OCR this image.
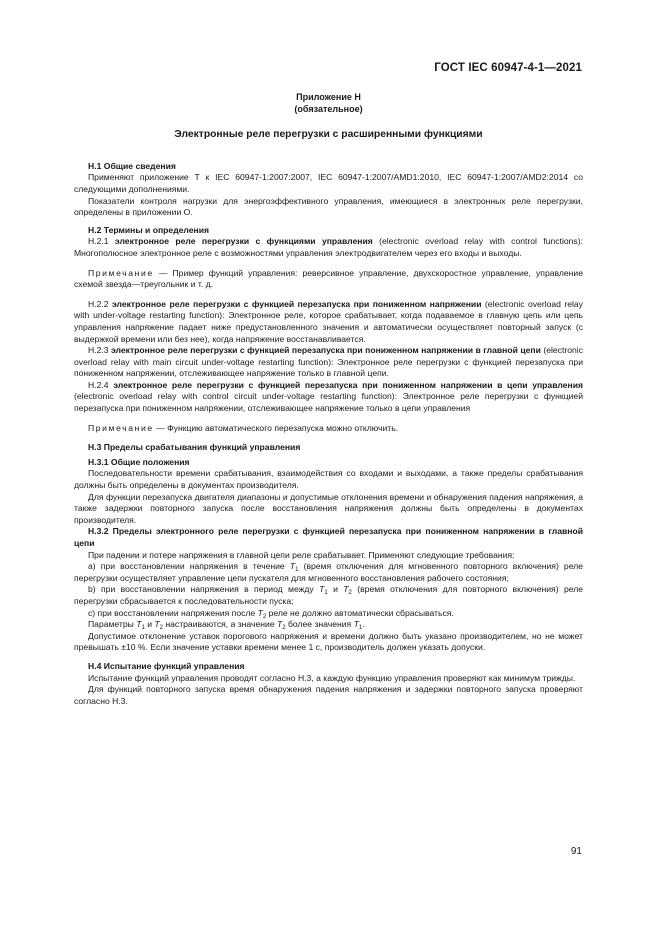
ГОСТ IEC 60947-4-1—2021
Приложение Н
(обязательное)
Электронные реле перегрузки с расширенными функциями

Н.1 Общие сведения

Применяют приложение Т к IEC 60947-1:2007:2007, IEC 60947-1:2007/AMD1:2010, IEC 60947-1:2007/AMD2:2014 со следующими дополнениями.

Показатели контроля нагрузки для энергоэффективного управления, имеющиеся в электронных реле перегрузки, определены в приложении О.

Н.2 Термины и определения

Н.2.1 электронное реле перегрузки с функциями управления (electronic overload relay with control functions): Многополюсное электронное реле с возможностями управления электродвигателем через его входы и выходы.

Примечание — Пример функций управления: реверсивное управление, двухскоростное управление, управление схемой звезда—треугольник и т. д.

Н.2.2 электронное реле перегрузки с функцией перезапуска при пониженном напряжении (electronic overload relay with under-voltage restarting function): Электронное реле, которое срабатывает, когда подаваемое в главную цепь или цепь управления напряжение падает ниже предустановленного значения и автоматически осуществляет повторный запуск (с выдержкой времени или без нее), когда напряжение восстанавливается.

Н.2.3 электронное реле перегрузки с функцией перезапуска при пониженном напряжении в главной цепи (electronic overload relay with main circuit under-voltage restarting function): Электронное реле перегрузки с функцией перезапуска при пониженном напряжении, отслеживающее напряжение только в главной цепи.

Н.2.4 электронное реле перегрузки с функцией перезапуска при пониженном напряжении в цепи управления (electronic overload relay with control circuit under-voltage restarting function): Электронное реле перегрузки с функцией перезапуска при пониженном напряжении, отслеживающее напряжение только в цепи управления

Примечание — Функцию автоматического перезапуска можно отключить.

Н.3 Пределы срабатывания функций управления

Н.3.1 Общие положения

Последовательности времени срабатывания, взаимодействия со входами и выходами, а также пределы срабатывания должны быть определены в документах производителя.

Для функции перезапуска двигателя диапазоны и допустимые отклонения времени и обнаружения падения напряжения, а также задержки повторного запуска после восстановления напряжения должны быть определены в документах производителя.

Н.3.2 Пределы электронного реле перегрузки с функцией перезапуска при пониженном напряжении в главной цепи

При падении и потере напряжения в главной цепи реле срабатывает. Применяют следующие требования:

а) при восстановлении напряжения в течение $T_1$ (время отключения для мгновенного повторного включения) реле перегрузки осуществляет управление цепи пускателя для мгновенного восстановления рабочего состояния;

b) при восстановлении напряжения в период между $T_1$ и $T_2$ (время отключения для повторного включения) реле перегрузки сбрасывается к последовательности пуска;

с) при восстановлении напряжения после $T_2$ реле не должно автоматически сбрасываться.

Параметры $T_1$ и $T_2$ настраиваются, а значение $T_2$ более значения $T_1$.

Допустимое отклонение уставок порогового напряжения и времени должно быть указано производителем, но не может превышать ±10 %. Если значение уставки времени менее 1 с, производитель должен указать допуски.

Н.4 Испытание функций управления

Испытание функций управления проводят согласно Н.3, а каждую функцию управления проверяют как минимум трижды.

Для функций повторного запуска время обнаружения падения напряжения и задержки повторного запуска проверяют согласно Н.3.

91
